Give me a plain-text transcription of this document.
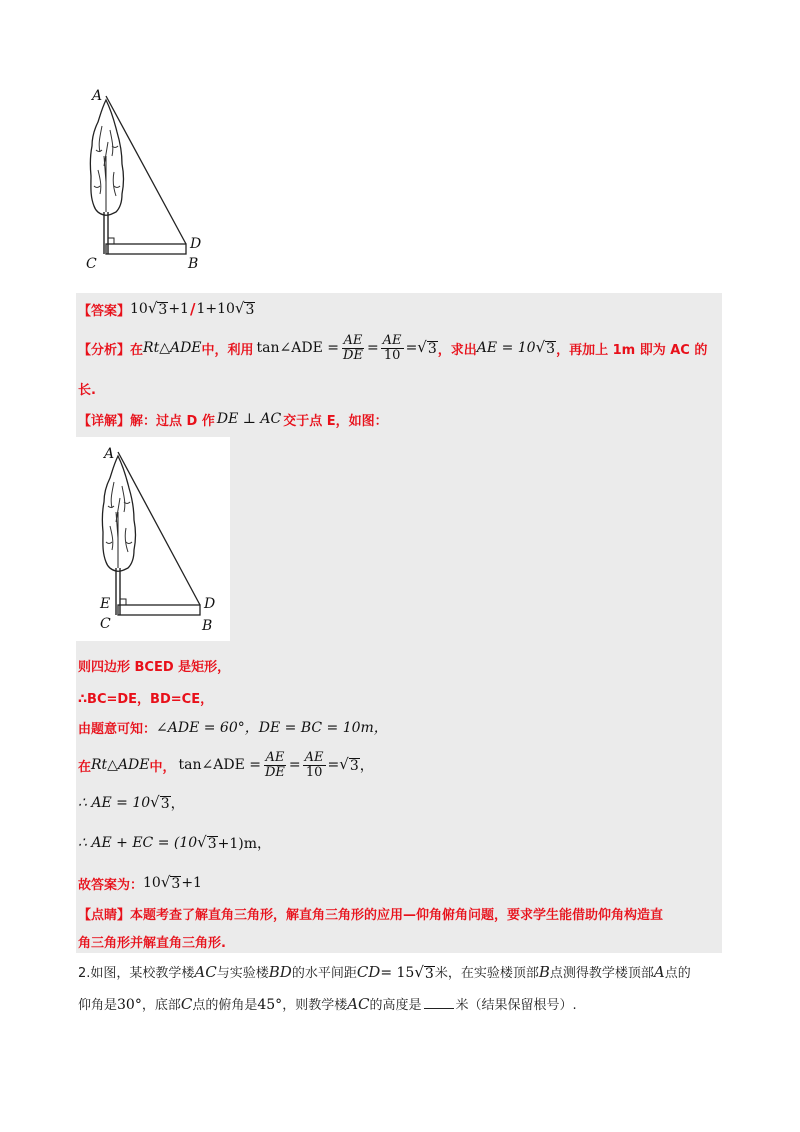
A
D
C	B
【答案】 10 √ 3 +1 / 1+10 √ 3
【分析】 在 Rt△ADE 中，利用 tan∠ADE = $\frac{AE}{DE} = \frac{AE}{10}$ = √ 3 ，求出 AE = 10 √ 3 ，再加上 1m 即为 AC 的
长.
【详解】 解：过点 D 作 DE ⊥ AC 交于点 E，如图：
A
E	D
C	B
则四边形 BCED 是矩形，
∴BC=DE，BD=CE，
由题意可知： ∠ADE = 60°，DE = BC = 10m，
在 Rt△ADE 中， tan∠ADE = $\frac{AE}{DE} = \frac{AE}{10}$ = √ 3 ，
∴ AE = 10 √ 3 ，
∴ AE + EC = (10 √ 3 +1)m，
故答案为： 10 √ 3 +1
【点睛】 本题考查了解直角三角形，解直角三角形的应用—仰角俯角问题，要求学生能借助仰角构造直
角三角形并解直角三角形.
2.如图，某校教学楼AC与实验楼BD的水平间距CD= 15 √ 3 米，在实验楼顶部B点测得教学楼顶部A点的
仰角是30°，底部C点的俯角是45°，则教学楼AC的高度是	米（结果保留根号）.
